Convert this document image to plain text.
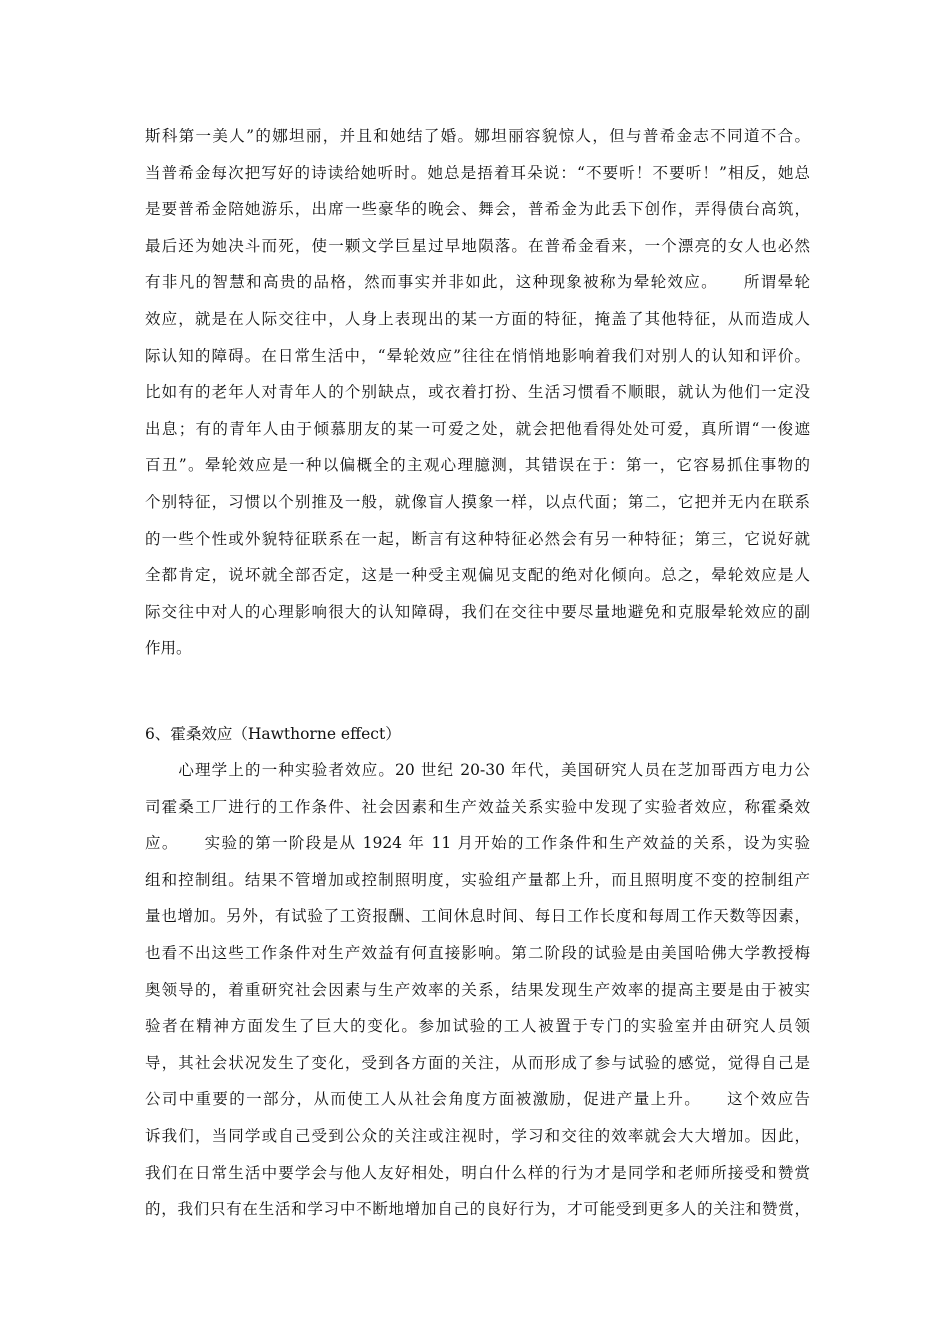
斯科第一美人”的娜坦丽，并且和她结了婚。娜坦丽容貌惊人，但与普希金志不同道不合。
当普希金每次把写好的诗读给她听时。她总是捂着耳朵说：“不要听！不要听！”相反，她总
是要普希金陪她游乐，出席一些豪华的晚会、舞会，普希金为此丢下创作，弄得债台高筑，
最后还为她决斗而死，使一颗文学巨星过早地陨落。在普希金看来，一个漂亮的女人也必然
有非凡的智慧和高贵的品格，然而事实并非如此，这种现象被称为晕轮效应。　　所谓晕轮
效应，就是在人际交往中，人身上表现出的某一方面的特征，掩盖了其他特征，从而造成人
际认知的障碍。在日常生活中，“晕轮效应”往往在悄悄地影响着我们对别人的认知和评价。
比如有的老年人对青年人的个别缺点，或衣着打扮、生活习惯看不顺眼，就认为他们一定没
出息；有的青年人由于倾慕朋友的某一可爱之处，就会把他看得处处可爱，真所谓“一俊遮
百丑”。晕轮效应是一种以偏概全的主观心理臆测，其错误在于：第一，它容易抓住事物的
个别特征，习惯以个别推及一般，就像盲人摸象一样，以点代面；第二，它把并无内在联系
的一些个性或外貌特征联系在一起，断言有这种特征必然会有另一种特征；第三，它说好就
全都肯定，说坏就全部否定，这是一种受主观偏见支配的绝对化倾向。总之，晕轮效应是人
际交往中对人的心理影响很大的认知障碍，我们在交往中要尽量地避免和克服晕轮效应的副
作用。
6、霍桑效应（Hawthorne effect）
　　心理学上的一种实验者效应。20 世纪 20-30 年代，美国研究人员在芝加哥西方电力公
司霍桑工厂进行的工作条件、社会因素和生产效益关系实验中发现了实验者效应，称霍桑效
应。　　实验的第一阶段是从 1924 年 11 月开始的工作条件和生产效益的关系，设为实验
组和控制组。结果不管增加或控制照明度，实验组产量都上升，而且照明度不变的控制组产
量也增加。另外，有试验了工资报酬、工间休息时间、每日工作长度和每周工作天数等因素，
也看不出这些工作条件对生产效益有何直接影响。第二阶段的试验是由美国哈佛大学教授梅
奥领导的，着重研究社会因素与生产效率的关系，结果发现生产效率的提高主要是由于被实
验者在精神方面发生了巨大的变化。参加试验的工人被置于专门的实验室并由研究人员领
导，其社会状况发生了变化，受到各方面的关注，从而形成了参与试验的感觉，觉得自己是
公司中重要的一部分，从而使工人从社会角度方面被激励，促进产量上升。　　这个效应告
诉我们，当同学或自己受到公众的关注或注视时，学习和交往的效率就会大大增加。因此，
我们在日常生活中要学会与他人友好相处，明白什么样的行为才是同学和老师所接受和赞赏
的，我们只有在生活和学习中不断地增加自己的良好行为，才可能受到更多人的关注和赞赏，
